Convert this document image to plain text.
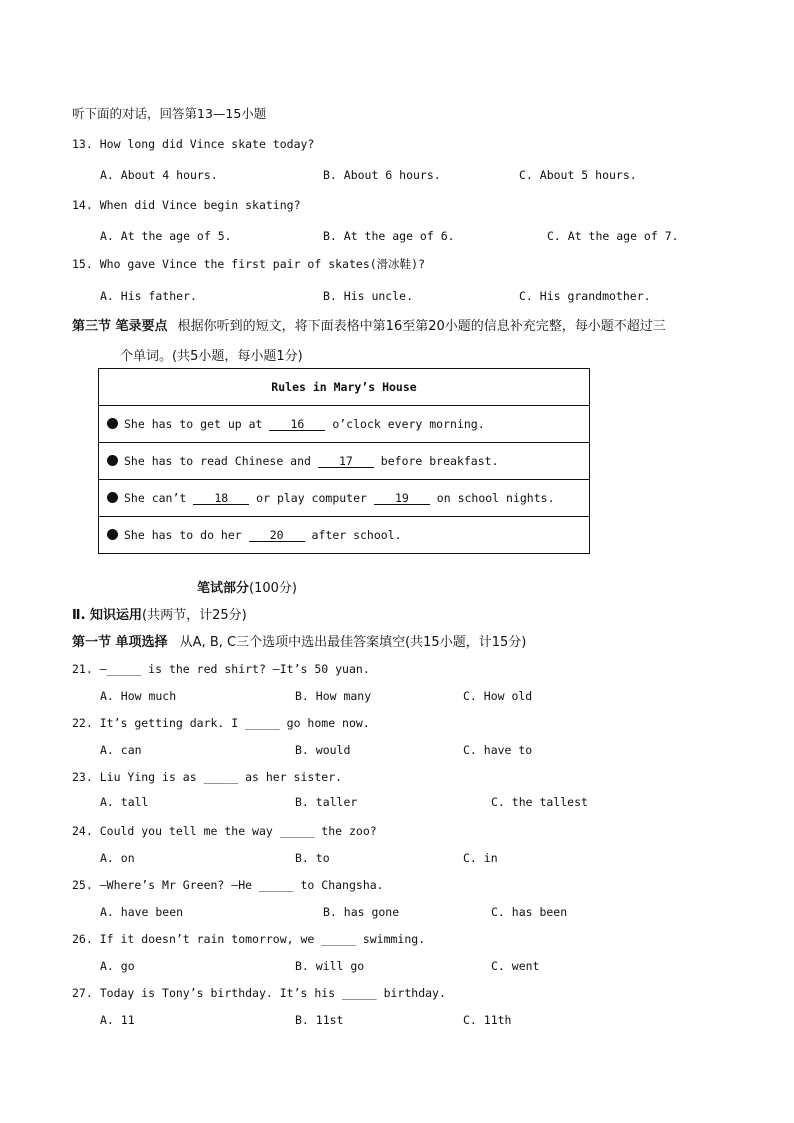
听下面的对话，回答第13—15小题
13. How long did Vince skate today?
A. About 4 hours.	B. About 6 hours.	C. About 5 hours.
14. When did Vince begin skating?
A. At the age of 5.	B. At the age of 6.	C. At the age of 7.
15. Who gave Vince the first pair of skates(滑冰鞋)?
A. His father.	B. His uncle.	C. His grandmother.
第三节 笔录要点 根据你听到的短文，将下面表格中第16至第20小题的信息补充完整，每小题不超过三
个单词。(共5小题，每小题1分)
Rules in Mary’s House
She has to get up at 16 o’clock every morning.
She has to read Chinese and 17 before breakfast.
She can’t 18 or play computer 19 on school nights.
She has to do her 20 after school.
笔试部分(100分)
Ⅱ. 知识运用(共两节，计25分)
第一节 单项选择 从A, B, C三个选项中选出最佳答案填空(共15小题，计15分)
21. —_____ is the red shirt? —It’s 50 yuan.
A. How much	B. How many	C. How old
22. It’s getting dark. I _____ go home now.
A. can	B. would	C. have to
23. Liu Ying is as _____ as her sister.
A. tall	B. taller	C. the tallest
24. Could you tell me the way _____ the zoo?
A. on	B. to	C. in
25. —Where’s Mr Green? —He _____ to Changsha.
A. have been	B. has gone	C. has been
26. If it doesn’t rain tomorrow, we _____ swimming.
A. go	B. will go	C. went
27. Today is Tony’s birthday. It’s his _____ birthday.
A. 11	B. 11st	C. 11th
